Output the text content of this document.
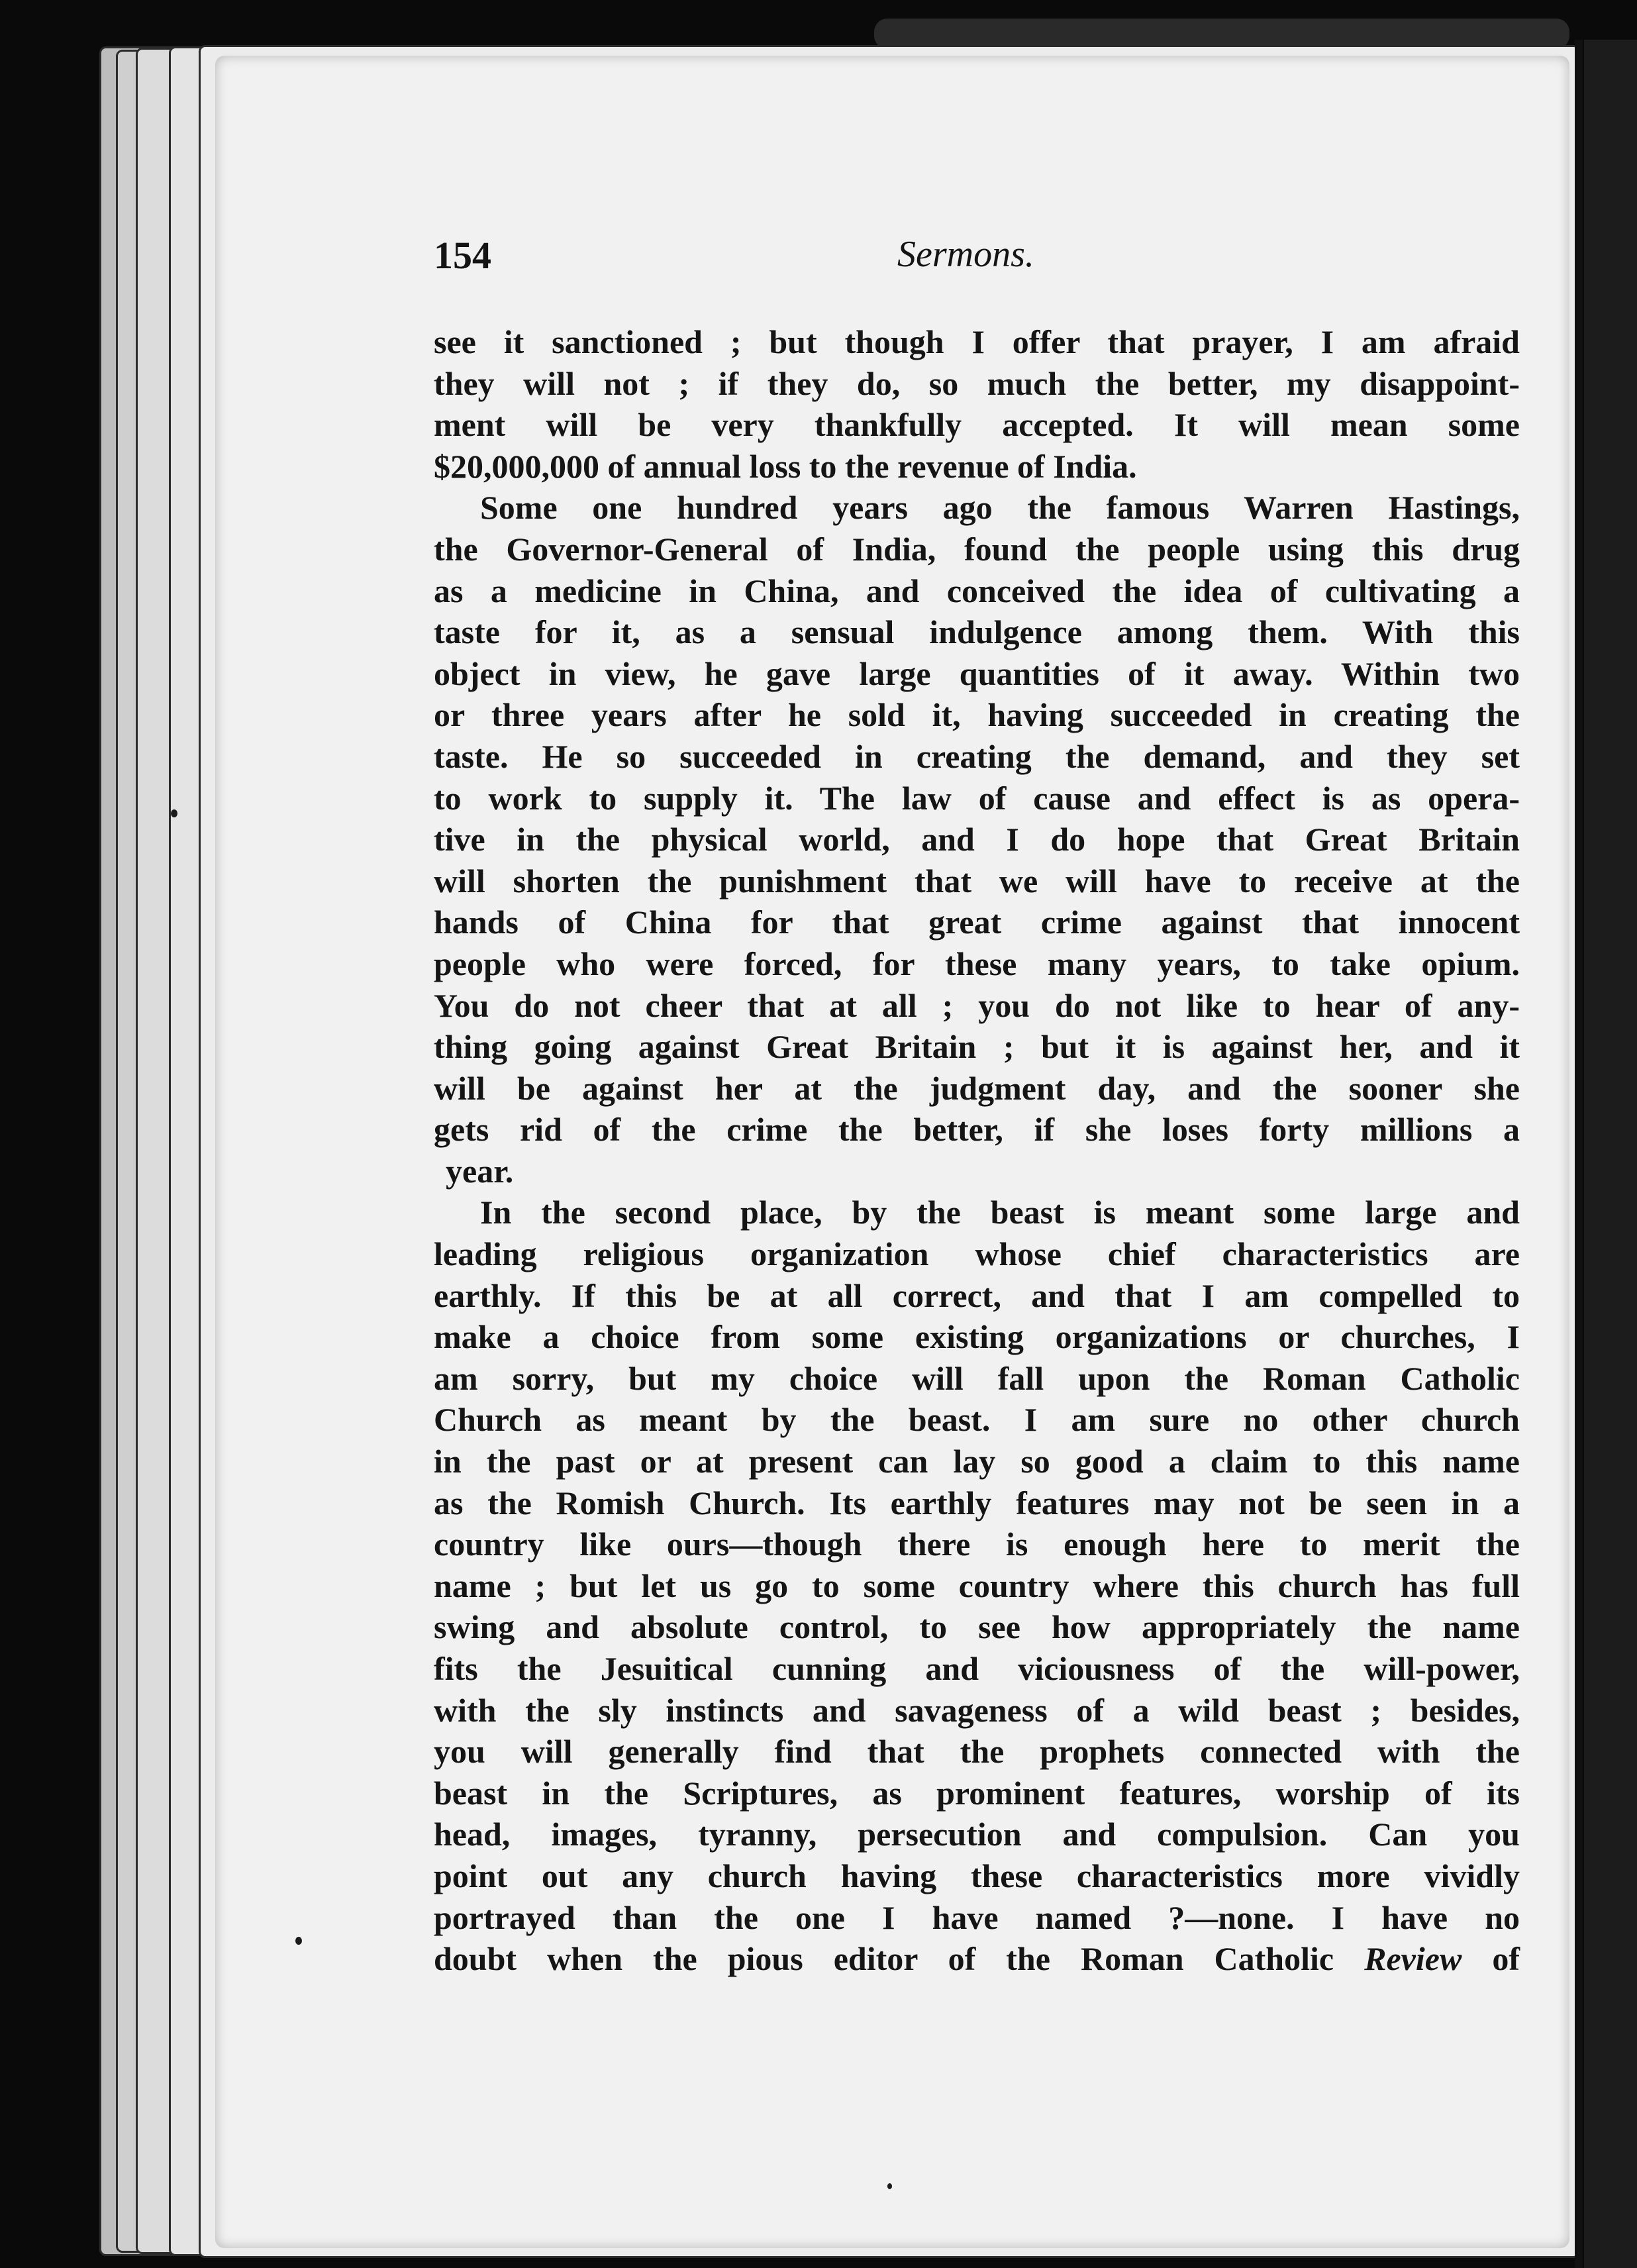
154	Sermons.
see it sanctioned ; but though I offer that prayer, I am afraid
they will not ; if they do, so much the better, my disappoint-
ment will be very thankfully accepted. It will mean some
$20,000,000 of annual loss to the revenue of India.
Some one hundred years ago the famous Warren Hastings,
the Governor-General of India, found the people using this drug
as a medicine in China, and conceived the idea of cultivating a
taste for it, as a sensual indulgence among them. With this
object in view, he gave large quantities of it away. Within two
or three years after he sold it, having succeeded in creating the
taste. He so succeeded in creating the demand, and they set
to work to supply it. The law of cause and effect is as opera-
tive in the physical world, and I do hope that Great Britain
will shorten the punishment that we will have to receive at the
hands of China for that great crime against that innocent
people who were forced, for these many years, to take opium.
You do not cheer that at all ; you do not like to hear of any-
thing going against Great Britain ; but it is against her, and it
will be against her at the judgment day, and the sooner she
gets rid of the crime the better, if she loses forty millions a
year.
In the second place, by the beast is meant some large and
leading religious organization whose chief characteristics are
earthly. If this be at all correct, and that I am compelled to
make a choice from some existing organizations or churches, I
am sorry, but my choice will fall upon the Roman Catholic
Church as meant by the beast. I am sure no other church
in the past or at present can lay so good a claim to this name
as the Romish Church. Its earthly features may not be seen in a
country like ours—though there is enough here to merit the
name ; but let us go to some country where this church has full
swing and absolute control, to see how appropriately the name
fits the Jesuitical cunning and viciousness of the will-power,
with the sly instincts and savageness of a wild beast ; besides,
you will generally find that the prophets connected with the
beast in the Scriptures, as prominent features, worship of its
head, images, tyranny, persecution and compulsion. Can you
point out any church having these characteristics more vividly
portrayed than the one I have named ?—none. I have no
doubt when the pious editor of the Roman Catholic Review of
